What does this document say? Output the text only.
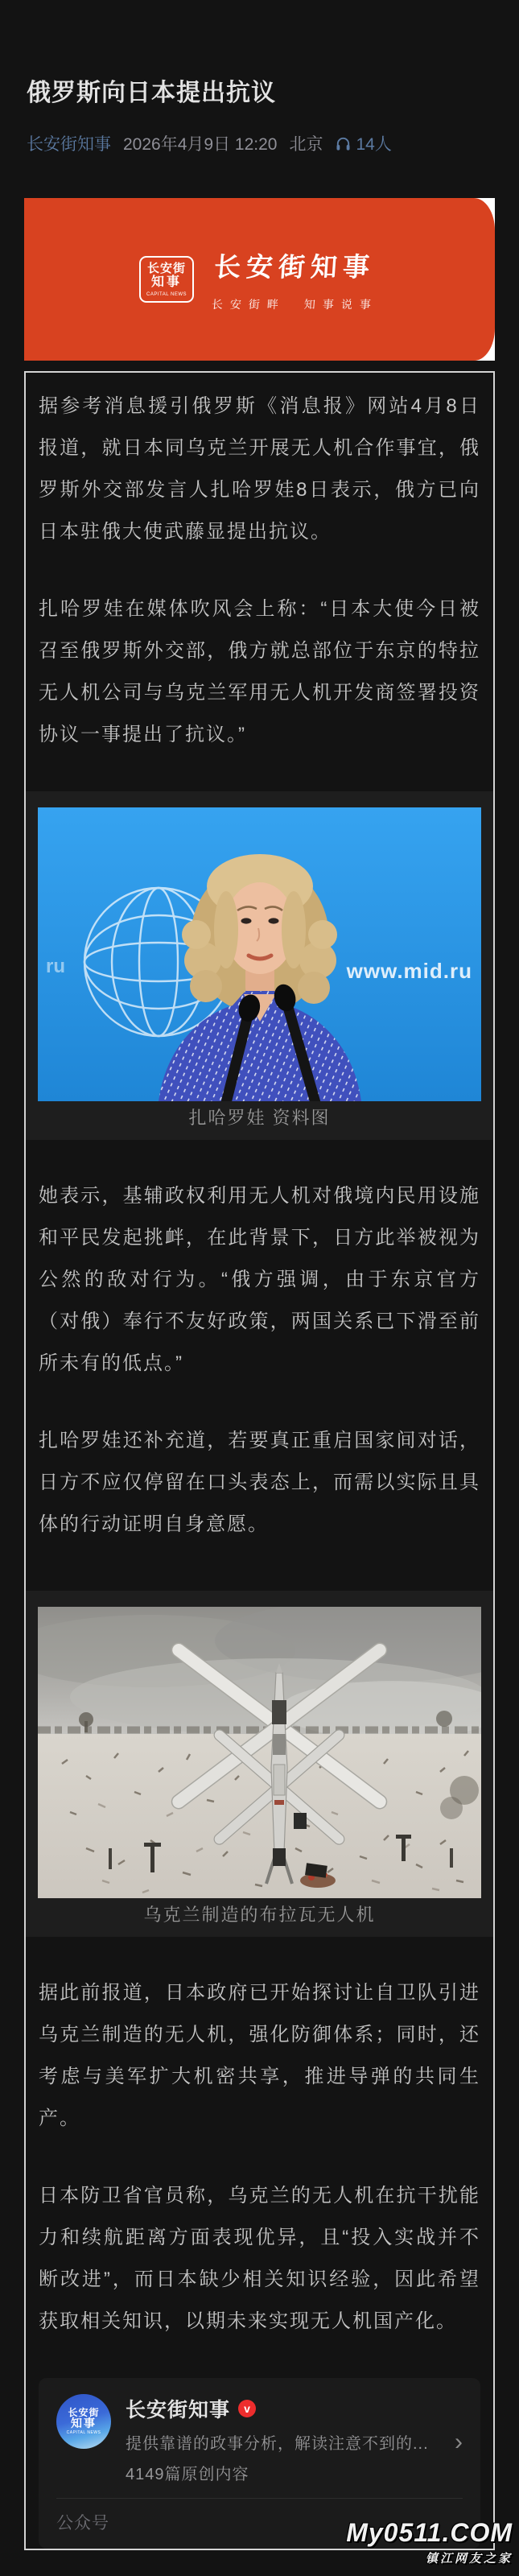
俄罗斯向日本提出抗议
长安街知事 2026年4月9日 12:20 北京 14人
长安街
知事
CAPITAL NEWS
长安街知事
长安街畔　知事说事

据参考消息援引俄罗斯《消息报》网站4月8日报道，就日本同乌克兰开展无人机合作事宜，俄罗斯外交部发言人扎哈罗娃8日表示，俄方已向日本驻俄大使武藤显提出抗议。

扎哈罗娃在媒体吹风会上称：“日本大使今日被召至俄罗斯外交部，俄方就总部位于东京的特拉无人机公司与乌克兰军用无人机开发商签署投资协议一事提出了抗议。”

ru	www.mid.ru
扎哈罗娃 资料图

她表示，基辅政权利用无人机对俄境内民用设施和平民发起挑衅，在此背景下，日方此举被视为公然的敌对行为。“俄方强调，由于东京官方（对俄）奉行不友好政策，两国关系已下滑至前所未有的低点。”

扎哈罗娃还补充道，若要真正重启国家间对话，日方不应仅停留在口头表态上，而需以实际且具体的行动证明自身意愿。

乌克兰制造的布拉瓦无人机

据此前报道，日本政府已开始探讨让自卫队引进乌克兰制造的无人机，强化防御体系；同时，还考虑与美军扩大机密共享，推进导弹的共同生产。

日本防卫省官员称，乌克兰的无人机在抗干扰能力和续航距离方面表现优异，且“投入实战并不断改进”，而日本缺少相关知识经验，因此希望获取相关知识，以期未来实现无人机国产化。

长安街
知事
CAPITAL NEWS
长安街知事	v
提供靠谱的政事分析，解读注意不到的...	›
4149篇原创内容
公众号	My0511.COM
镇江网友之家
